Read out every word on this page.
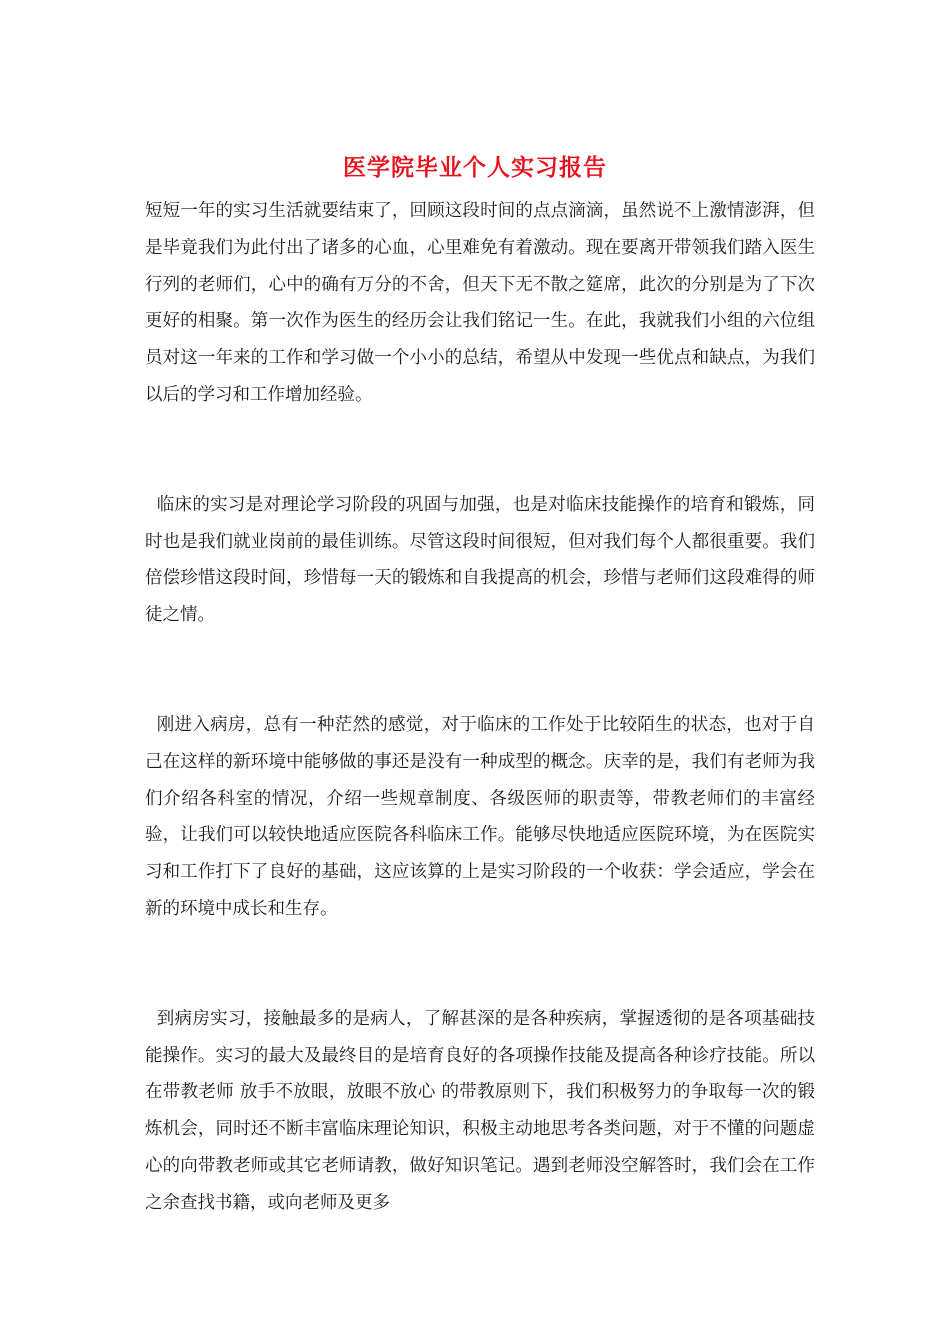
医学院毕业个人实习报告

短短一年的实习生活就要结束了，回顾这段时间的点点滴滴，虽然说不上激情澎湃，但是毕竟我们为此付出了诸多的心血，心里难免有着激动。现在要离开带领我们踏入医生行列的老师们，心中的确有万分的不舍，但天下无不散之筵席，此次的分别是为了下次更好的相聚。第一次作为医生的经历会让我们铭记一生。在此，我就我们小组的六位组员对这一年来的工作和学习做一个小小的总结，希望从中发现一些优点和缺点，为我们以后的学习和工作增加经验。

临床的实习是对理论学习阶段的巩固与加强，也是对临床技能操作的培育和锻炼，同时也是我们就业岗前的最佳训练。尽管这段时间很短，但对我们每个人都很重要。我们倍偿珍惜这段时间，珍惜每一天的锻炼和自我提高的机会，珍惜与老师们这段难得的师徒之情。

刚进入病房，总有一种茫然的感觉，对于临床的工作处于比较陌生的状态，也对于自己在这样的新环境中能够做的事还是没有一种成型的概念。庆幸的是，我们有老师为我们介绍各科室的情况，介绍一些规章制度、各级医师的职责等，带教老师们的丰富经验，让我们可以较快地适应医院各科临床工作。能够尽快地适应医院环境，为在医院实习和工作打下了良好的基础，这应该算的上是实习阶段的一个收获：学会适应，学会在新的环境中成长和生存。

到病房实习，接触最多的是病人，了解甚深的是各种疾病，掌握透彻的是各项基础技能操作。实习的最大及最终目的是培育良好的各项操作技能及提高各种诊疗技能。所以在带教老师 放手不放眼，放眼不放心 的带教原则下，我们积极努力的争取每一次的锻炼机会，同时还不断丰富临床理论知识，积极主动地思考各类问题，对于不懂的问题虚心的向带教老师或其它老师请教，做好知识笔记。遇到老师没空解答时，我们会在工作之余查找书籍，或向老师及更多
